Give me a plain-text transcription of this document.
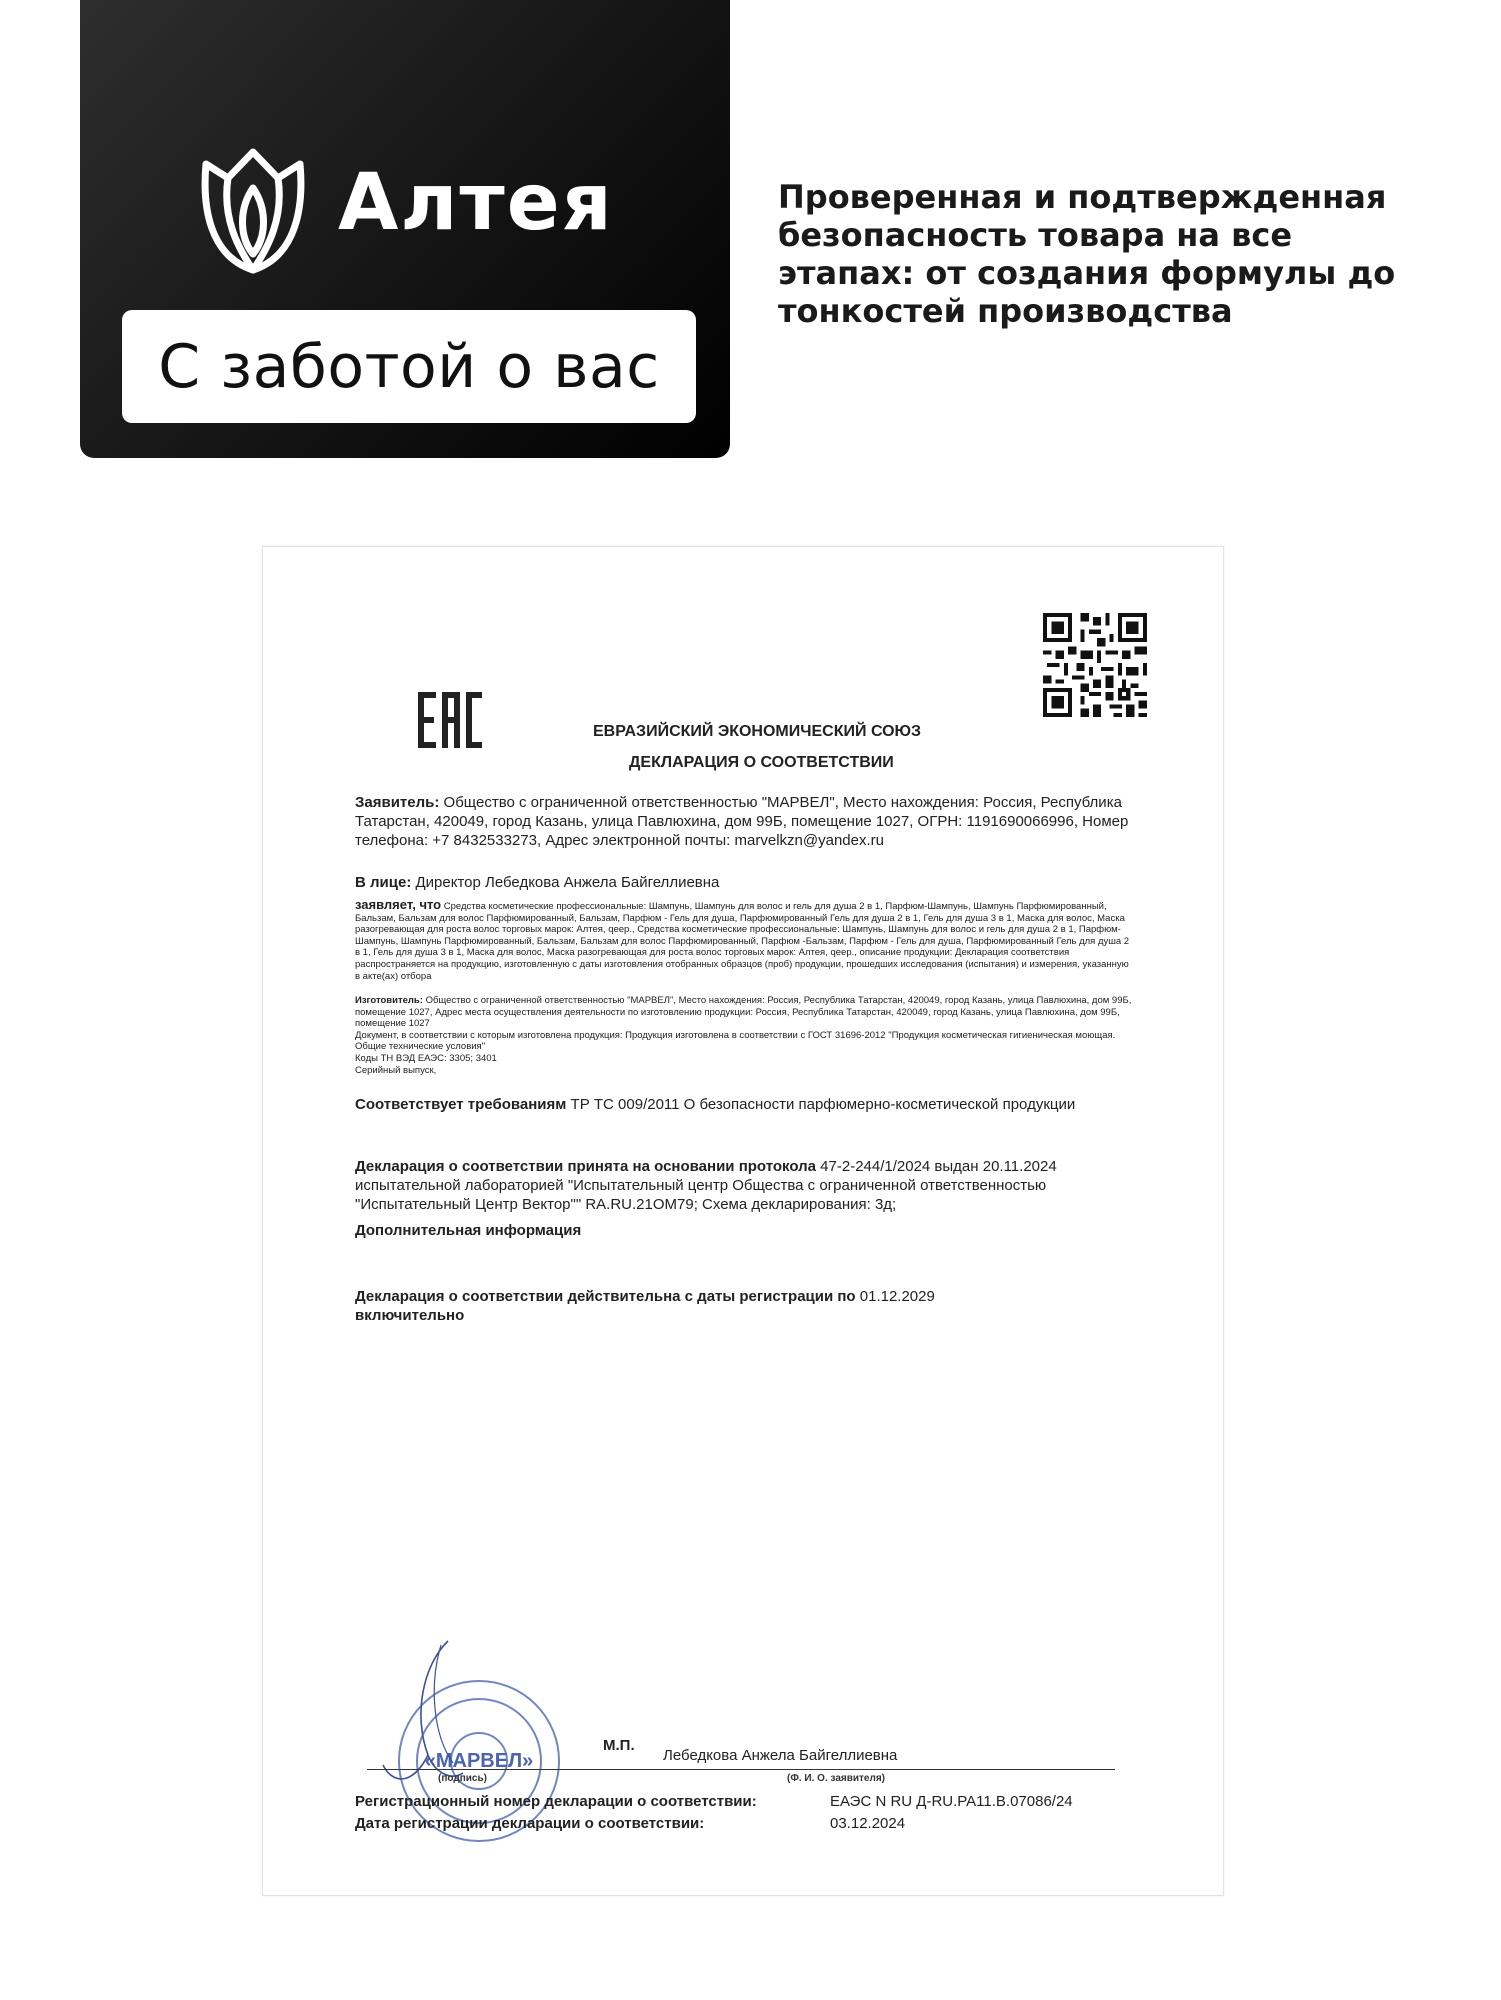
Алтея
С заботой о вас
Проверенная и подтвержденная безопасность товара на все этапах: от создания формулы до тонкостей производства
ЕВРАЗИЙСКИЙ ЭКОНОМИЧЕСКИЙ СОЮЗ
ДЕКЛАРАЦИЯ О СООТВЕТСТВИИ
Заявитель: Общество с ограниченной ответственностью "МАРВЕЛ", Место нахождения: Россия, Республика Татарстан, 420049, город Казань, улица Павлюхина, дом 99Б, помещение 1027, ОГРН: 1191690066996, Номер телефона: +7 8432533273, Адрес электронной почты: marvelkzn@yandex.ru
В лице: Директор Лебедкова Анжела Байгеллиевна
заявляет, что Средства косметические профессиональные: Шампунь, Шампунь для волос и гель для душа 2 в 1, Парфюм-Шампунь, Шампунь Парфюмированный, Бальзам, Бальзам для волос Парфюмированный, Бальзам, Парфюм - Гель для душа, Парфюмированный Гель для душа 2 в 1, Гель для душа 3 в 1, Маска для волос, Маска разогревающая для роста волос торговых марок: Алтея, qeep., Средства косметические профессиональные: Шампунь, Шампунь для волос и гель для душа 2 в 1, Парфюм-Шампунь, Шампунь Парфюмированный, Бальзам, Бальзам для волос Парфюмированный, Парфюм -Бальзам, Парфюм - Гель для душа, Парфюмированный Гель для душа 2 в 1, Гель для душа 3 в 1, Маска для волос, Маска разогревающая для роста волос торговых марок: Алтея, qeep., описание продукции: Декларация соответствия распространяется на продукцию, изготовленную с даты изготовления отобранных образцов (проб) продукции, прошедших исследования (испытания) и измерения, указанную в акте(ах) отбора
Изготовитель: Общество с ограниченной ответственностью "МАРВЕЛ", Место нахождения: Россия, Республика Татарстан, 420049, город Казань, улица Павлюхина, дом 99Б, помещение 1027, Адрес места осуществления деятельности по изготовлению продукции: Россия, Республика Татарстан, 420049, город Казань, улица Павлюхина, дом 99Б, помещение 1027
Документ, в соответствии с которым изготовлена продукция: Продукция изготовлена в соответствии с ГОСТ 31696-2012 "Продукция косметическая гигиеническая моющая. Общие технические условия"
Коды ТН ВЭД ЕАЭС: 3305; 3401
Серийный выпуск,
Соответствует требованиям ТР ТС 009/2011 О безопасности парфюмерно-косметической продукции
Декларация о соответствии принята на основании протокола 47-2-244/1/2024 выдан 20.11.2024 испытательной лабораторией "Испытательный центр Общества с ограниченной ответственностью "Испытательный Центр Вектор"" RA.RU.21ОМ79; Схема декларирования: 3д;
Дополнительная информация
Декларация о соответствии действительна с даты регистрации по 01.12.2029
включительно
«МАРВЕЛ»
М.П.
Лебедкова Анжела Байгеллиевна
(подпись)	(Ф. И. О. заявителя)
Регистрационный номер декларации о соответствии:	ЕАЭС N RU Д-RU.PA11.B.07086/24
Дата регистрации декларации о соответствии:	03.12.2024
